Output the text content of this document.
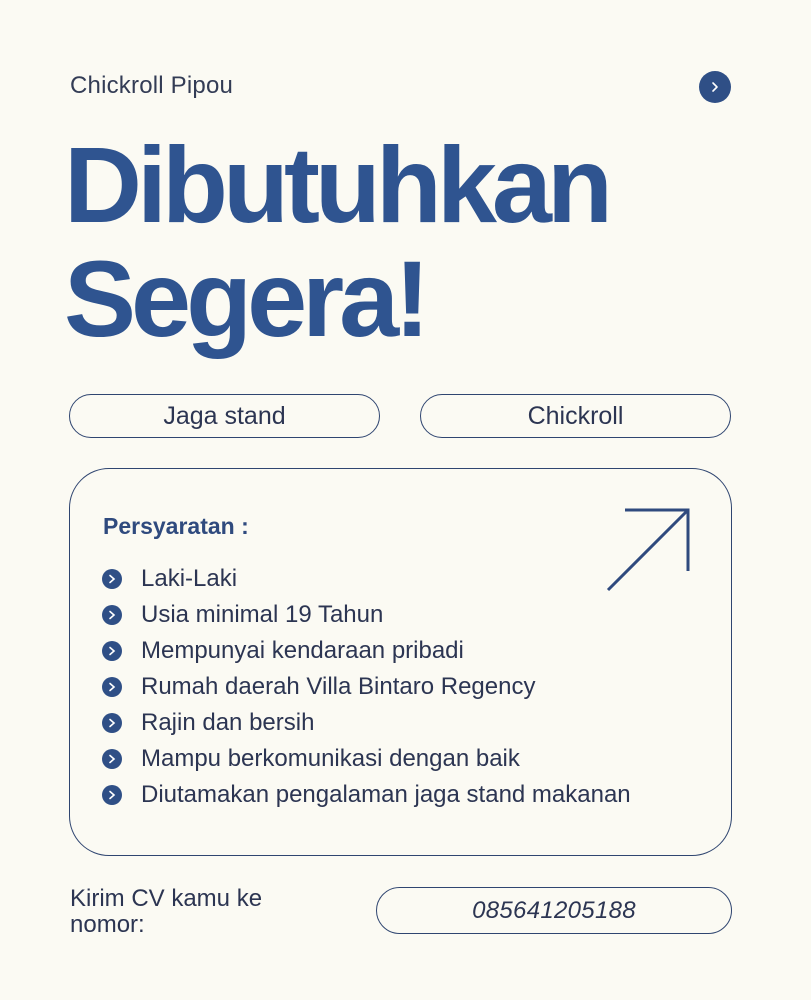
Chickroll Pipou
Dibutuhkan
Segera!
Jaga stand	Chickroll
Persyaratan :
Laki-Laki
Usia minimal 19 Tahun
Mempunyai kendaraan pribadi
Rumah daerah Villa Bintaro Regency
Rajin dan bersih
Mampu berkomunikasi dengan baik
Diutamakan pengalaman jaga stand makanan
Kirim CV kamu ke nomor:
085641205188
